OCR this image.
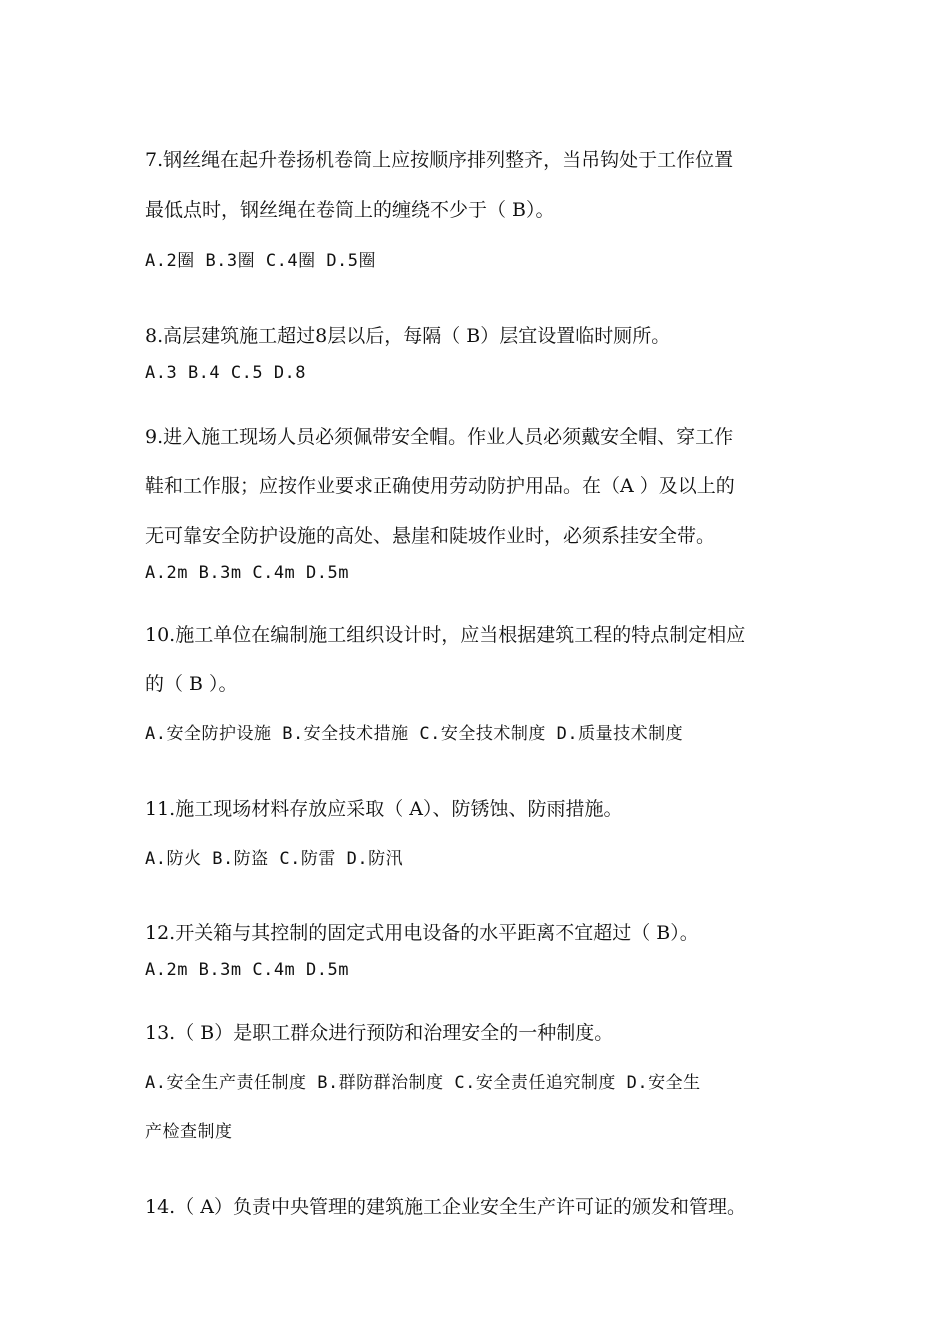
7.钢丝绳在起升卷扬机卷筒上应按顺序排列整齐，当吊钩处于工作位置
最低点时，钢丝绳在卷筒上的缠绕不少于（ B）。
A.2圈 B.3圈 C.4圈 D.5圈
8.高层建筑施工超过8层以后，每隔（ B）层宜设置临时厕所。
A.3 B.4 C.5 D.8
9.进入施工现场人员必须佩带安全帽。作业人员必须戴安全帽、穿工作
鞋和工作服；应按作业要求正确使用劳动防护用品。在（A ）及以上的
无可靠安全防护设施的高处、悬崖和陡坡作业时，必须系挂安全带。
A.2m B.3m C.4m D.5m
10.施工单位在编制施工组织设计时，应当根据建筑工程的特点制定相应
的（ B ）。
A.安全防护设施 B.安全技术措施 C.安全技术制度 D.质量技术制度
11.施工现场材料存放应采取（ A）、防锈蚀、防雨措施。
A.防火 B.防盗 C.防雷 D.防汛
12.开关箱与其控制的固定式用电设备的水平距离不宜超过（ B）。
A.2m B.3m C.4m D.5m
13.（ B）是职工群众进行预防和治理安全的一种制度。
A.安全生产责任制度 B.群防群治制度 C.安全责任追究制度 D.安全生
产检查制度
14.（ A）负责中央管理的建筑施工企业安全生产许可证的颁发和管理。
